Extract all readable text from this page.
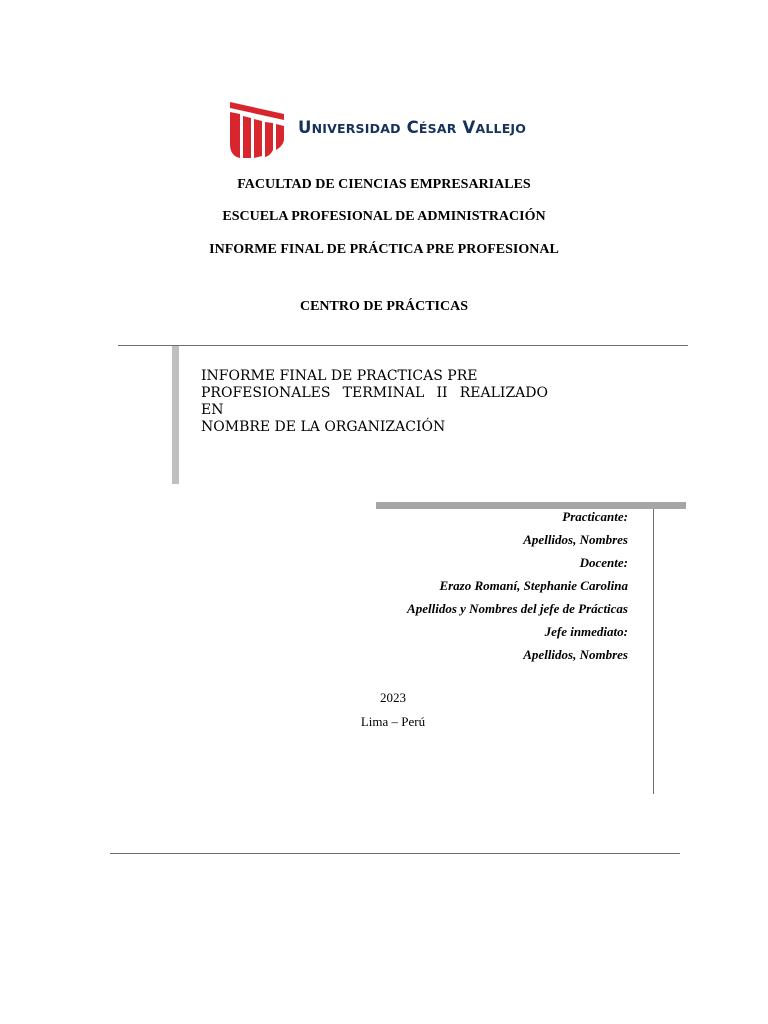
UNIVERSIDAD CÉSAR VALLEJO
FACULTAD DE CIENCIAS EMPRESARIALES
ESCUELA PROFESIONAL DE ADMINISTRACIÓN
INFORME FINAL DE PRÁCTICA PRE PROFESIONAL
CENTRO DE PRÁCTICAS
INFORME FINAL DE PRACTICAS PRE
PROFESIONALES TERMINAL II REALIZADO EN
NOMBRE DE LA ORGANIZACIÓN
Practicante:
Apellidos, Nombres
Docente:
Erazo Romaní, Stephanie Carolina
Apellidos y Nombres del jefe de Prácticas
Jefe inmediato:
Apellidos, Nombres
2023
Lima – Perú
